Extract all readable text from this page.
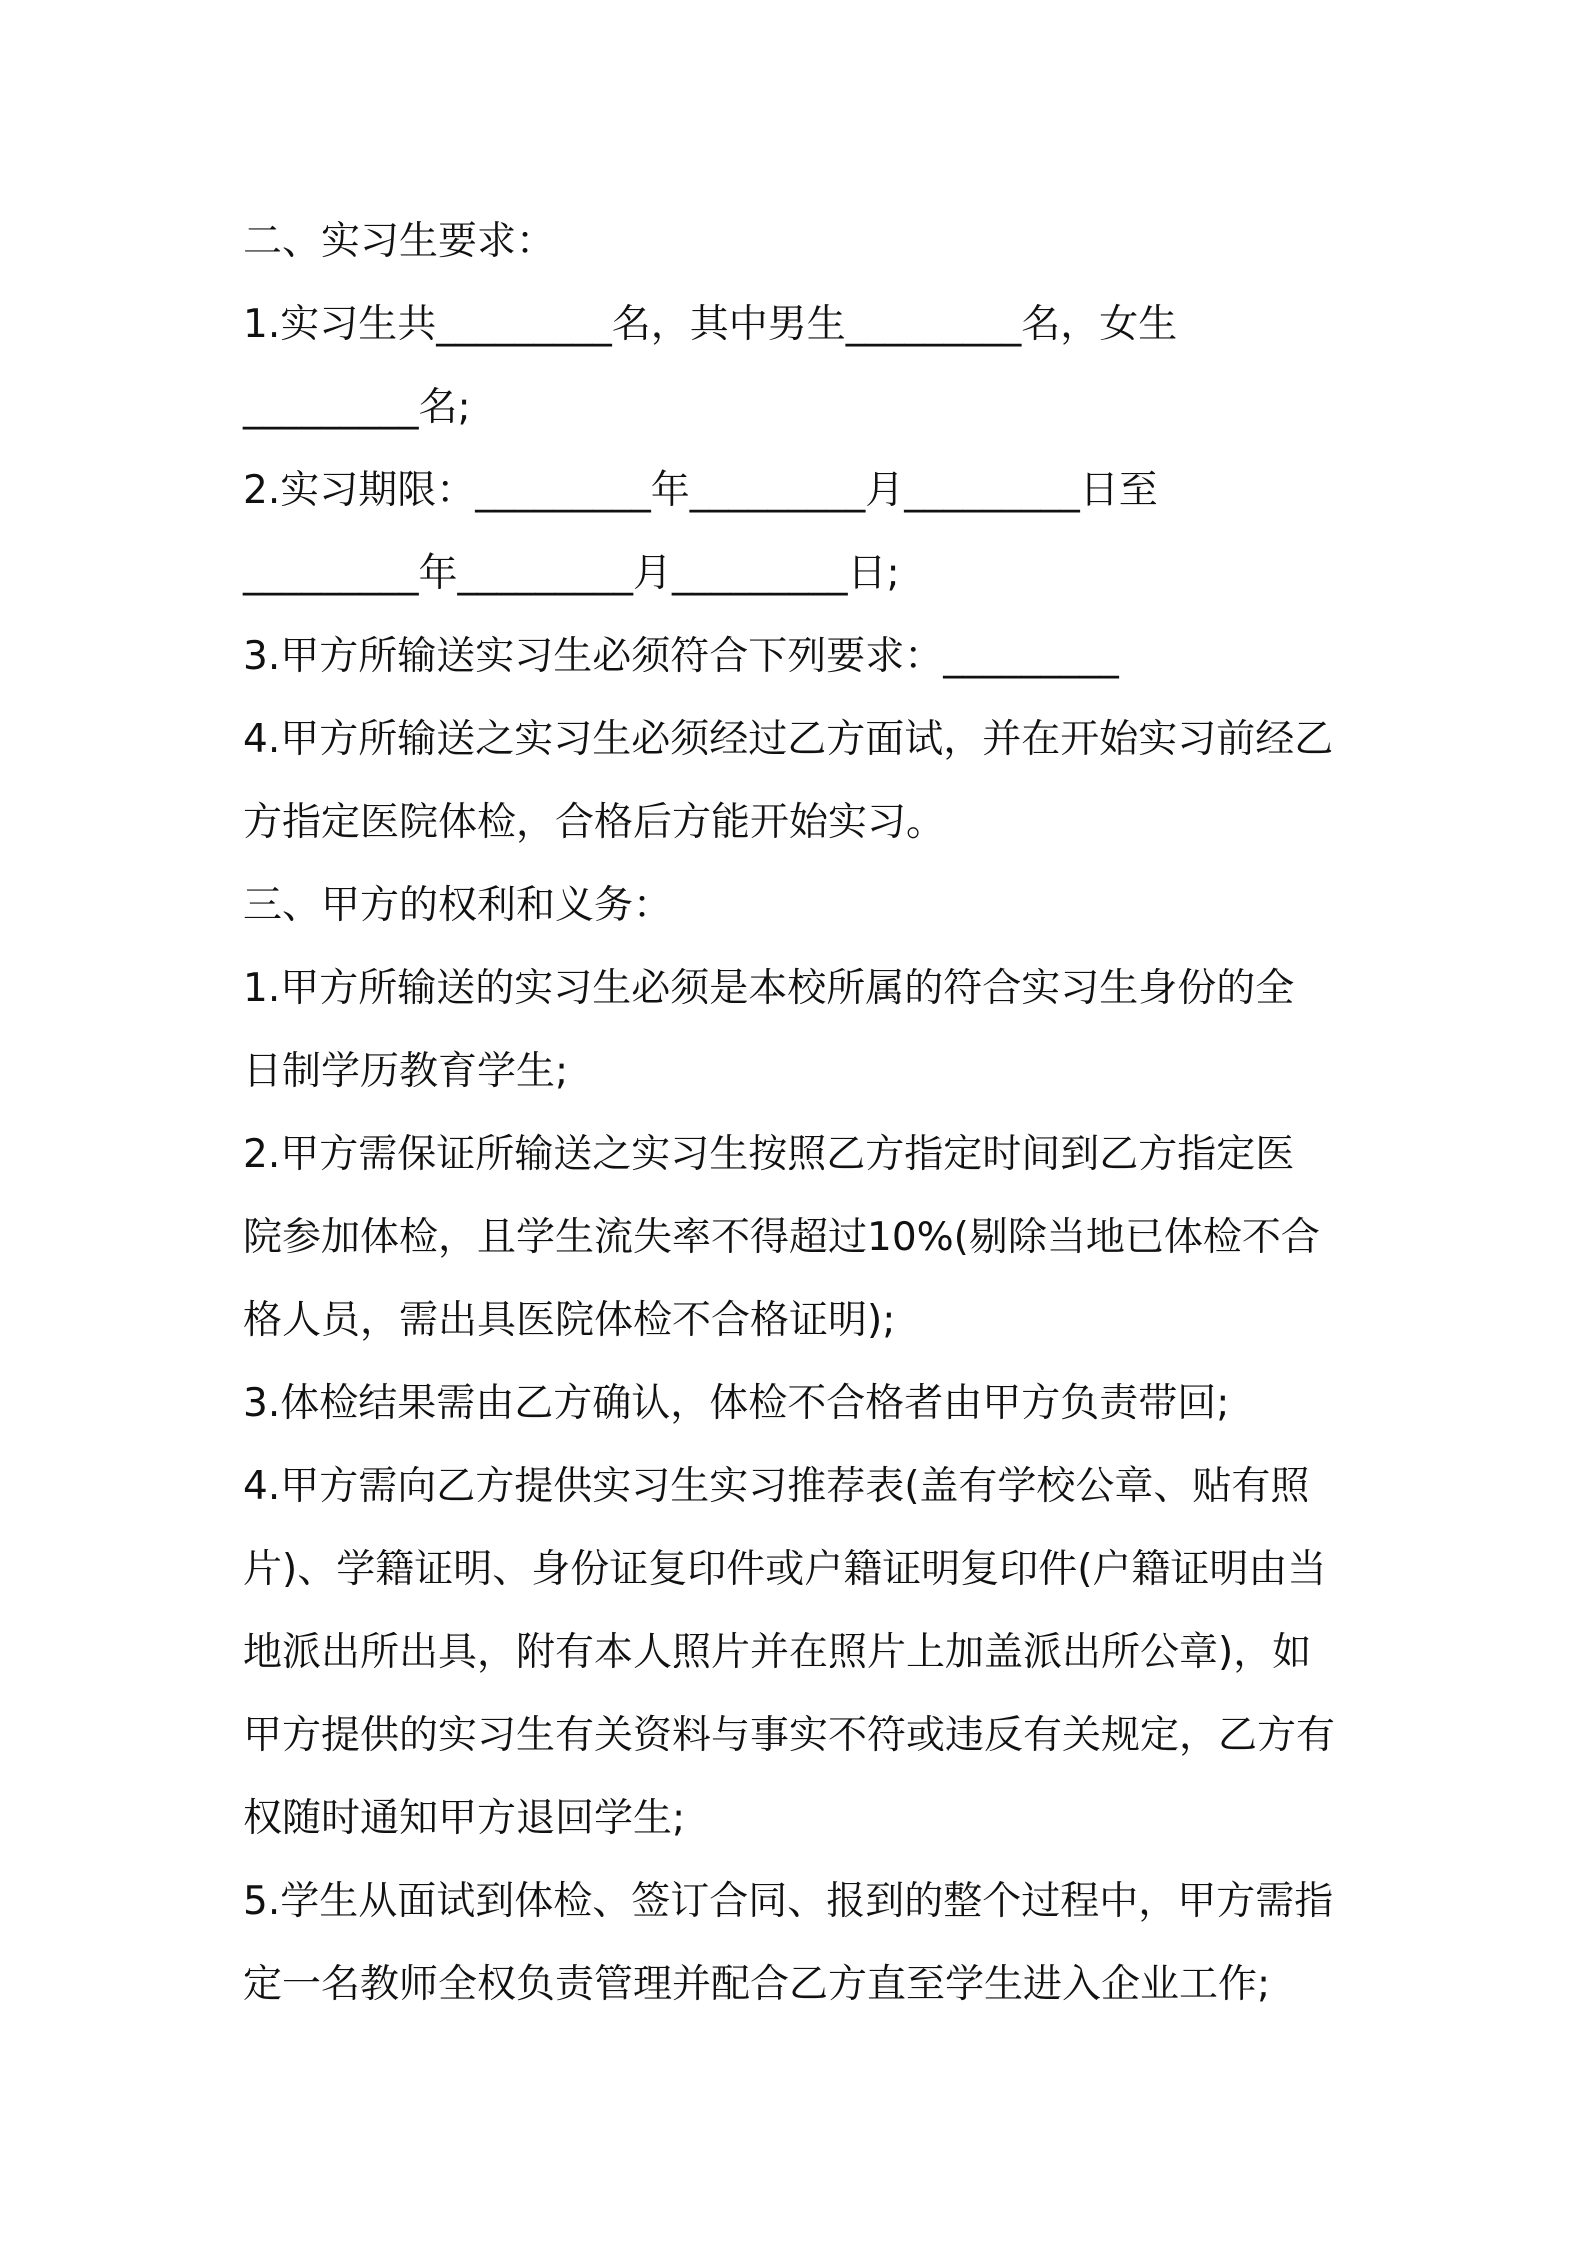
二、实习生要求：
1.实习生共_________名，其中男生_________名，女生
_________名;
2.实习期限：_________年_________月_________日至
_________年_________月_________日;
3.甲方所输送实习生必须符合下列要求：_________
4.甲方所输送之实习生必须经过乙方面试，并在开始实习前经乙
方指定医院体检，合格后方能开始实习。
三、甲方的权利和义务：
1.甲方所输送的实习生必须是本校所属的符合实习生身份的全
日制学历教育学生;
2.甲方需保证所输送之实习生按照乙方指定时间到乙方指定医
院参加体检，且学生流失率不得超过10%(剔除当地已体检不合
格人员，需出具医院体检不合格证明);
3.体检结果需由乙方确认，体检不合格者由甲方负责带回;
4.甲方需向乙方提供实习生实习推荐表(盖有学校公章、贴有照
片)、学籍证明、身份证复印件或户籍证明复印件(户籍证明由当
地派出所出具，附有本人照片并在照片上加盖派出所公章)，如
甲方提供的实习生有关资料与事实不符或违反有关规定，乙方有
权随时通知甲方退回学生;
5.学生从面试到体检、签订合同、报到的整个过程中，甲方需指
定一名教师全权负责管理并配合乙方直至学生进入企业工作;
